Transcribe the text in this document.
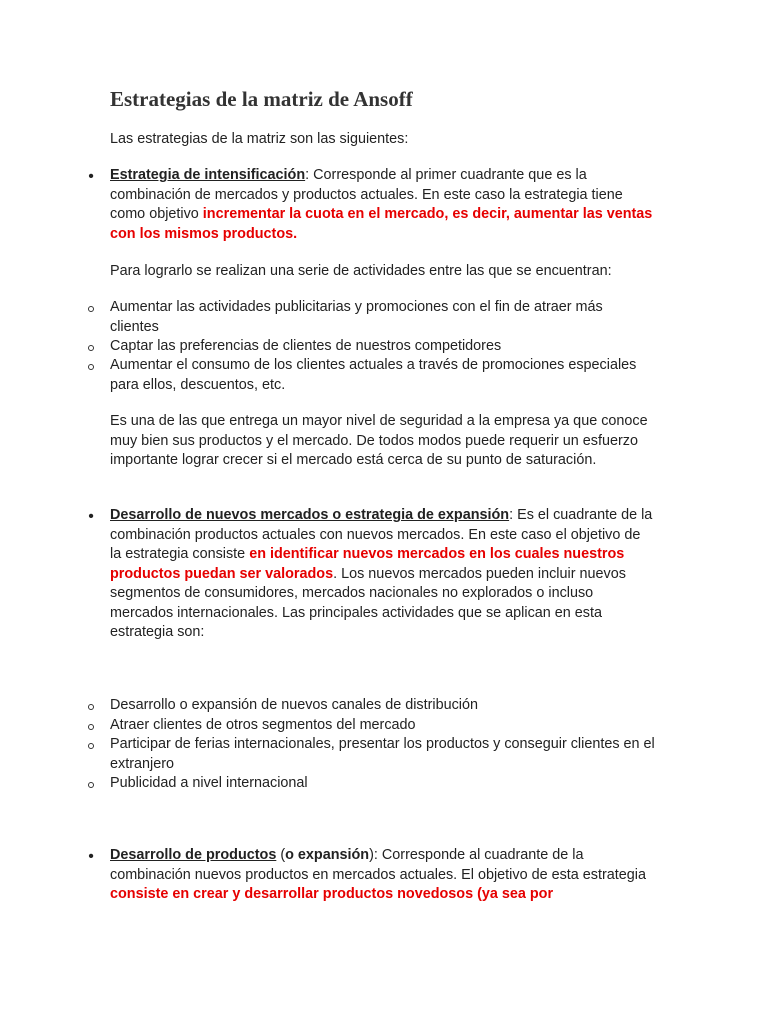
Estrategias de la matriz de Ansoff

Las estrategias de la matriz son las siguientes:

• Estrategia de intensificación: Corresponde al primer cuadrante que es la combinación de mercados y productos actuales. En este caso la estrategia tiene como objetivo incrementar la cuota en el mercado, es decir, aumentar las ventas con los mismos productos.

Para lograrlo se realizan una serie de actividades entre las que se encuentran:

Aumentar las actividades publicitarias y promociones con el fin de atraer más clientes

Captar las preferencias de clientes de nuestros competidores

Aumentar el consumo de los clientes actuales a través de promociones especiales para ellos, descuentos, etc.

Es una de las que entrega un mayor nivel de seguridad a la empresa ya que conoce muy bien sus productos y el mercado. De todos modos puede requerir un esfuerzo importante lograr crecer si el mercado está cerca de su punto de saturación.

• Desarrollo de nuevos mercados o estrategia de expansión: Es el cuadrante de la combinación productos actuales con nuevos mercados. En este caso el objetivo de la estrategia consiste en identificar nuevos mercados en los cuales nuestros productos puedan ser valorados. Los nuevos mercados pueden incluir nuevos segmentos de consumidores, mercados nacionales no explorados o incluso mercados internacionales. Las principales actividades que se aplican en esta estrategia son:

Desarrollo o expansión de nuevos canales de distribución

Atraer clientes de otros segmentos del mercado

Participar de ferias internacionales, presentar los productos y conseguir clientes en el extranjero

Publicidad a nivel internacional

• Desarrollo de productos (o expansión): Corresponde al cuadrante de la combinación nuevos productos en mercados actuales. El objetivo de esta estrategia consiste en crear y desarrollar productos novedosos (ya sea por
